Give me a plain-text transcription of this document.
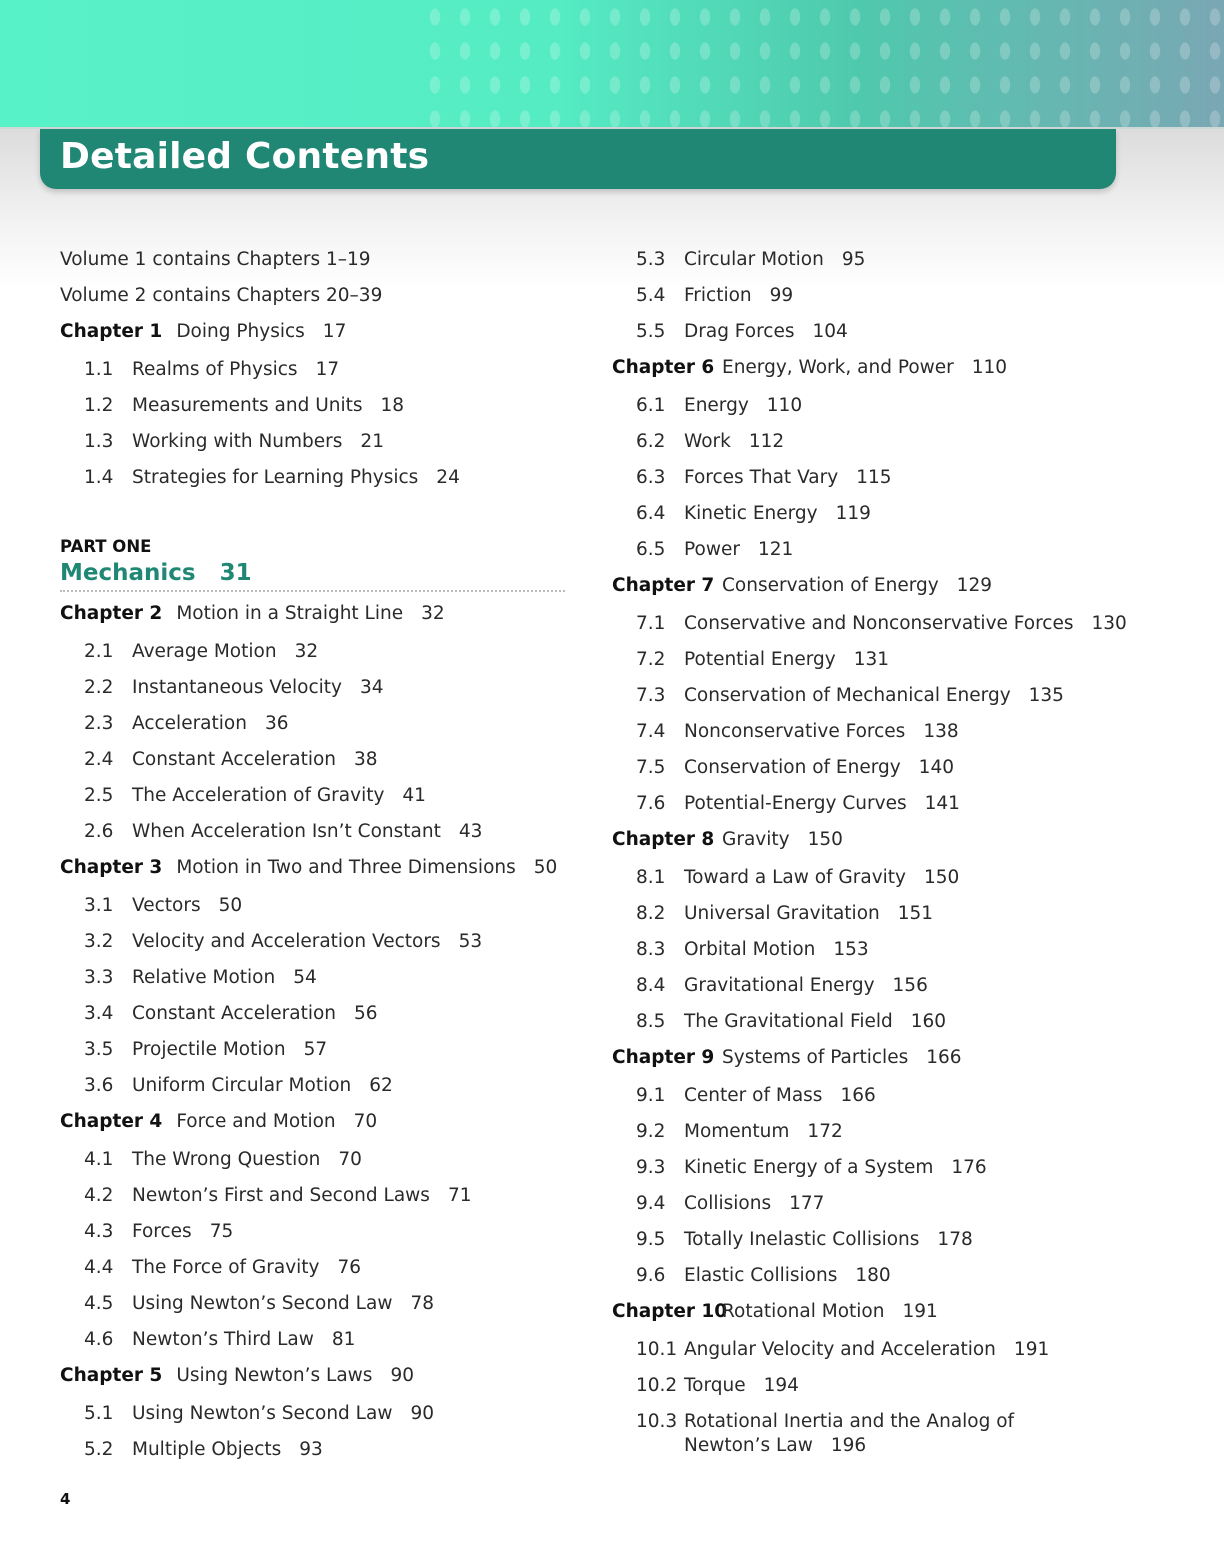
Detailed Contents
Volume 1 contains Chapters 1–19
Volume 2 contains Chapters 20–39
Chapter 1 Doing Physics 17
1.1 Realms of Physics 17
1.2 Measurements and Units 18
1.3 Working with Numbers 21
1.4 Strategies for Learning Physics 24
PART ONE
Mechanics 31
Chapter 2 Motion in a Straight Line 32
2.1 Average Motion 32
2.2 Instantaneous Velocity 34
2.3 Acceleration 36
2.4 Constant Acceleration 38
2.5 The Acceleration of Gravity 41
2.6 When Acceleration Isn’t Constant 43
Chapter 3 Motion in Two and Three Dimensions 50
3.1 Vectors 50
3.2 Velocity and Acceleration Vectors 53
3.3 Relative Motion 54
3.4 Constant Acceleration 56
3.5 Projectile Motion 57
3.6 Uniform Circular Motion 62
Chapter 4 Force and Motion 70
4.1 The Wrong Question 70
4.2 Newton’s First and Second Laws 71
4.3 Forces 75
4.4 The Force of Gravity 76
4.5 Using Newton’s Second Law 78
4.6 Newton’s Third Law 81
Chapter 5 Using Newton’s Laws 90
5.1 Using Newton’s Second Law 90
5.2 Multiple Objects 93
5.3 Circular Motion 95
5.4 Friction 99
5.5 Drag Forces 104
Chapter 6 Energy, Work, and Power 110
6.1 Energy 110
6.2 Work 112
6.3 Forces That Vary 115
6.4 Kinetic Energy 119
6.5 Power 121
Chapter 7 Conservation of Energy 129
7.1 Conservative and Nonconservative Forces 130
7.2 Potential Energy 131
7.3 Conservation of Mechanical Energy 135
7.4 Nonconservative Forces 138
7.5 Conservation of Energy 140
7.6 Potential-Energy Curves 141
Chapter 8 Gravity 150
8.1 Toward a Law of Gravity 150
8.2 Universal Gravitation 151
8.3 Orbital Motion 153
8.4 Gravitational Energy 156
8.5 The Gravitational Field 160
Chapter 9 Systems of Particles 166
9.1 Center of Mass 166
9.2 Momentum 172
9.3 Kinetic Energy of a System 176
9.4 Collisions 177
9.5 Totally Inelastic Collisions 178
9.6 Elastic Collisions 180
Chapter 10Rotational Motion 191
10.1 Angular Velocity and Acceleration 191
10.2 Torque 194
10.3 Rotational Inertia and the Analog of Newton’s Law 196
4
